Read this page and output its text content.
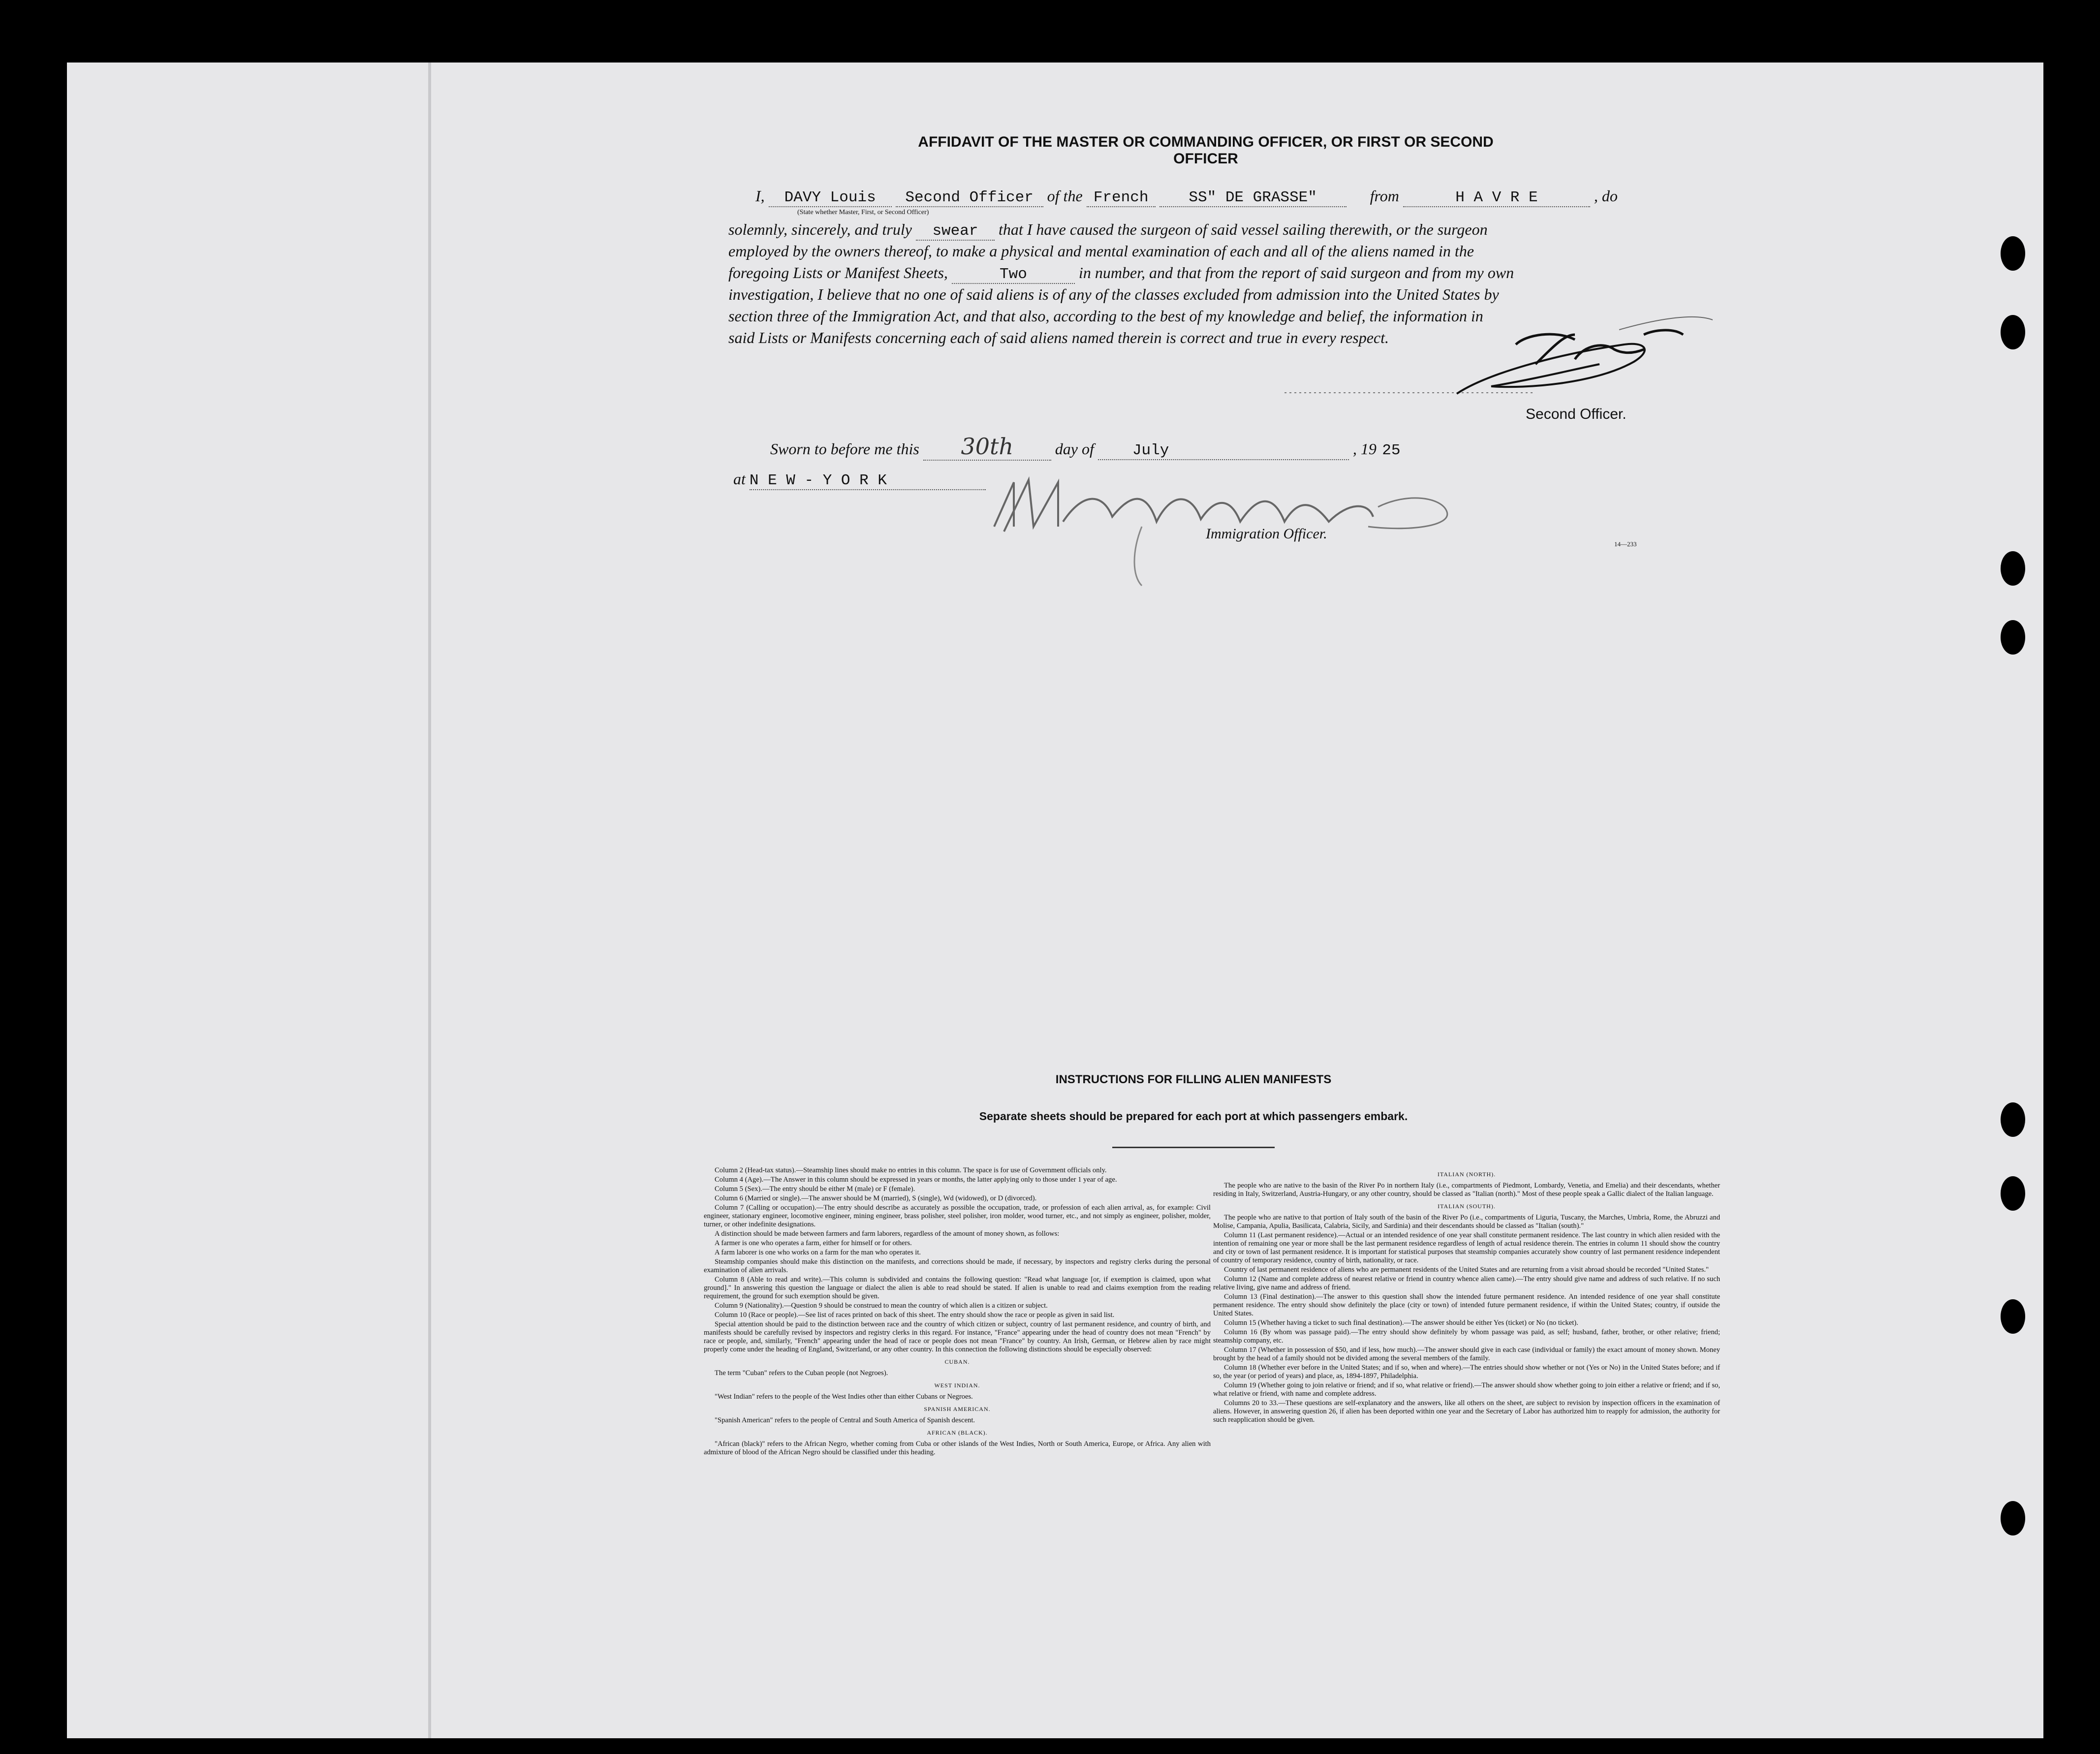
AFFIDAVIT OF THE MASTER OR COMMANDING OFFICER, OR FIRST OR SECOND OFFICER
I, DAVY Louis Second Officer of the French	SS" DE GRASSE"	from	H A V R E	, do
(State whether Master, First, or Second Officer)
solemnly, sincerely, and truly swear that I have caused the surgeon of said vessel sailing therewith, or the surgeon
employed by the owners thereof, to make a physical and mental examination of each and all of the aliens named in the
foregoing Lists or Manifest Sheets,	Two	in number, and that from the report of said surgeon and from my own
investigation, I believe that no one of said aliens is of any of the classes excluded from admission into the United States by
section three of the Immigration Act, and that also, according to the best of my knowledge and belief, the information in
said Lists or Manifests concerning each of said aliens named therein is correct and true in every respect.
Second Officer.
Sworn to before me this 30th	day of	July	, 19 25
at N E W - Y O R K
Immigration Officer.
14—233
INSTRUCTIONS FOR FILLING ALIEN MANIFESTS
Separate sheets should be prepared for each port at which passengers embark.

Column 2 (Head-tax status).—Steamship lines should make no entries in this column. The space is for use of Government officials only.

Column 4 (Age).—The Answer in this column should be expressed in years or months, the latter applying only to those under 1 year of age.

Column 5 (Sex).—The entry should be either M (male) or F (female).

Column 6 (Married or single).—The answer should be M (married), S (single), Wd (widowed), or D (divorced).

Column 7 (Calling or occupation).—The entry should describe as accurately as possible the occupation, trade, or profession of each alien arrival, as, for example: Civil engineer, stationary engineer, locomotive engineer, mining engineer, brass polisher, steel polisher, iron molder, wood turner, etc., and not simply as engineer, polisher, molder, turner, or other indefinite designations.

A distinction should be made between farmers and farm laborers, regardless of the amount of money shown, as follows:

A farmer is one who operates a farm, either for himself or for others.

A farm laborer is one who works on a farm for the man who operates it.

Steamship companies should make this distinction on the manifests, and corrections should be made, if necessary, by inspectors and registry clerks during the personal examination of alien arrivals.

Column 8 (Able to read and write).—This column is subdivided and contains the following question: "Read what language [or, if exemption is claimed, upon what ground]." In answering this question the language or dialect the alien is able to read should be stated. If alien is unable to read and claims exemption from the reading requirement, the ground for such exemption should be given.

Column 9 (Nationality).—Question 9 should be construed to mean the country of which alien is a citizen or subject.

Column 10 (Race or people).—See list of races printed on back of this sheet. The entry should show the race or people as given in said list.

Special attention should be paid to the distinction between race and the country of which citizen or subject, country of last permanent residence, and country of birth, and manifests should be carefully revised by inspectors and registry clerks in this regard. For instance, "France" appearing under the head of country does not mean "French" by race or people, and, similarly, "French" appearing under the head of race or people does not mean "France" by country. An Irish, German, or Hebrew alien by race might properly come under the heading of England, Switzerland, or any other country. In this connection the following distinctions should be especially observed:

CUBAN.

The term "Cuban" refers to the Cuban people (not Negroes).

WEST INDIAN.

"West Indian" refers to the people of the West Indies other than either Cubans or Negroes.

SPANISH AMERICAN.

"Spanish American" refers to the people of Central and South America of Spanish descent.

AFRICAN (BLACK).

"African (black)" refers to the African Negro, whether coming from Cuba or other islands of the West Indies, North or South America, Europe, or Africa. Any alien with admixture of blood of the African Negro should be classified under this heading.

ITALIAN (NORTH).

The people who are native to the basin of the River Po in northern Italy (i.e., compartments of Piedmont, Lombardy, Venetia, and Emelia) and their descendants, whether residing in Italy, Switzerland, Austria-Hungary, or any other country, should be classed as "Italian (north)." Most of these people speak a Gallic dialect of the Italian language.

ITALIAN (SOUTH).

The people who are native to that portion of Italy south of the basin of the River Po (i.e., compartments of Liguria, Tuscany, the Marches, Umbria, Rome, the Abruzzi and Molise, Campania, Apulia, Basilicata, Calabria, Sicily, and Sardinia) and their descendants should be classed as "Italian (south)."

Column 11 (Last permanent residence).—Actual or an intended residence of one year shall constitute permanent residence. The last country in which alien resided with the intention of remaining one year or more shall be the last permanent residence regardless of length of actual residence therein. The entries in column 11 should show the country and city or town of last permanent residence. It is important for statistical purposes that steamship companies accurately show country of last permanent residence independent of country of temporary residence, country of birth, nationality, or race.

Country of last permanent residence of aliens who are permanent residents of the United States and are returning from a visit abroad should be recorded "United States."

Column 12 (Name and complete address of nearest relative or friend in country whence alien came).—The entry should give name and address of such relative. If no such relative living, give name and address of friend.

Column 13 (Final destination).—The answer to this question shall show the intended future permanent residence. An intended residence of one year shall constitute permanent residence. The entry should show definitely the place (city or town) of intended future permanent residence, if within the United States; country, if outside the United States.

Column 15 (Whether having a ticket to such final destination).—The answer should be either Yes (ticket) or No (no ticket).

Column 16 (By whom was passage paid).—The entry should show definitely by whom passage was paid, as self; husband, father, brother, or other relative; friend; steamship company, etc.

Column 17 (Whether in possession of $50, and if less, how much).—The answer should give in each case (individual or family) the exact amount of money shown. Money brought by the head of a family should not be divided among the several members of the family.

Column 18 (Whether ever before in the United States; and if so, when and where).—The entries should show whether or not (Yes or No) in the United States before; and if so, the year (or period of years) and place, as, 1894-1897, Philadelphia.

Column 19 (Whether going to join relative or friend; and if so, what relative or friend).—The answer should show whether going to join either a relative or friend; and if so, what relative or friend, with name and complete address.

Columns 20 to 33.—These questions are self-explanatory and the answers, like all others on the sheet, are subject to revision by inspection officers in the examination of aliens. However, in answering question 26, if alien has been deported within one year and the Secretary of Labor has authorized him to reapply for admission, the authority for such reapplication should be given.
